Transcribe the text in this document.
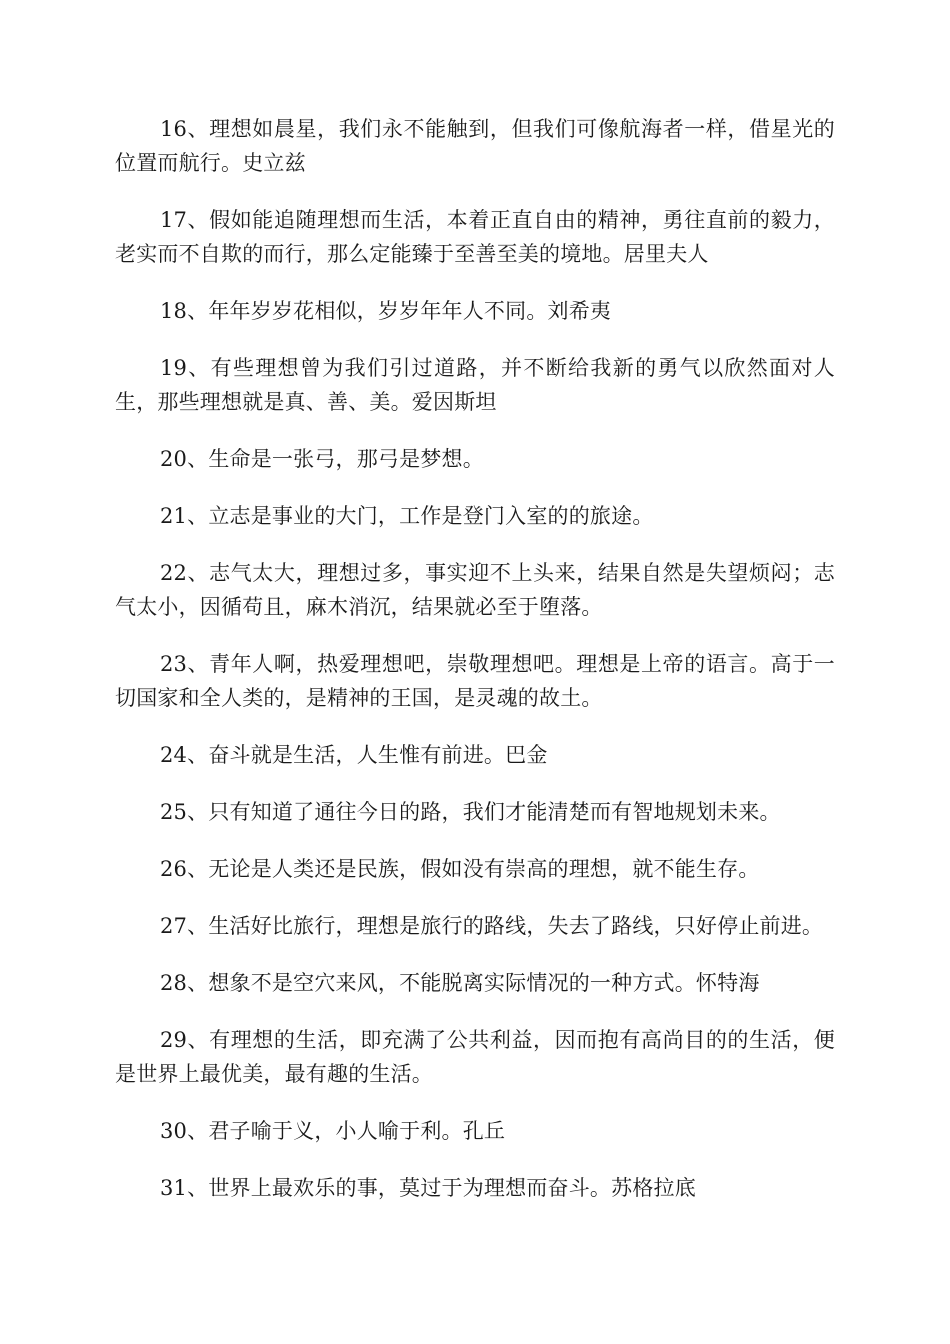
16、理想如晨星，我们永不能触到，但我们可像航海者一样，借星光的位置而航行。史立兹

17、假如能追随理想而生活，本着正直自由的精神，勇往直前的毅力，老实而不自欺的而行，那么定能臻于至善至美的境地。居里夫人

18、年年岁岁花相似，岁岁年年人不同。刘希夷

19、有些理想曾为我们引过道路，并不断给我新的勇气以欣然面对人生，那些理想就是真、善、美。爱因斯坦

20、生命是一张弓，那弓是梦想。

21、立志是事业的大门，工作是登门入室的的旅途。

22、志气太大，理想过多，事实迎不上头来，结果自然是失望烦闷；志气太小，因循苟且，麻木消沉，结果就必至于堕落。

23、青年人啊，热爱理想吧，崇敬理想吧。理想是上帝的语言。高于一切国家和全人类的，是精神的王国，是灵魂的故土。

24、奋斗就是生活，人生惟有前进。巴金

25、只有知道了通往今日的路，我们才能清楚而有智地规划未来。

26、无论是人类还是民族，假如没有崇高的理想，就不能生存。

27、生活好比旅行，理想是旅行的路线，失去了路线，只好停止前进。

28、想象不是空穴来风，不能脱离实际情况的一种方式。怀特海

29、有理想的生活，即充满了公共利益，因而抱有高尚目的的生活，便是世界上最优美，最有趣的生活。

30、君子喻于义，小人喻于利。孔丘

31、世界上最欢乐的事，莫过于为理想而奋斗。苏格拉底
